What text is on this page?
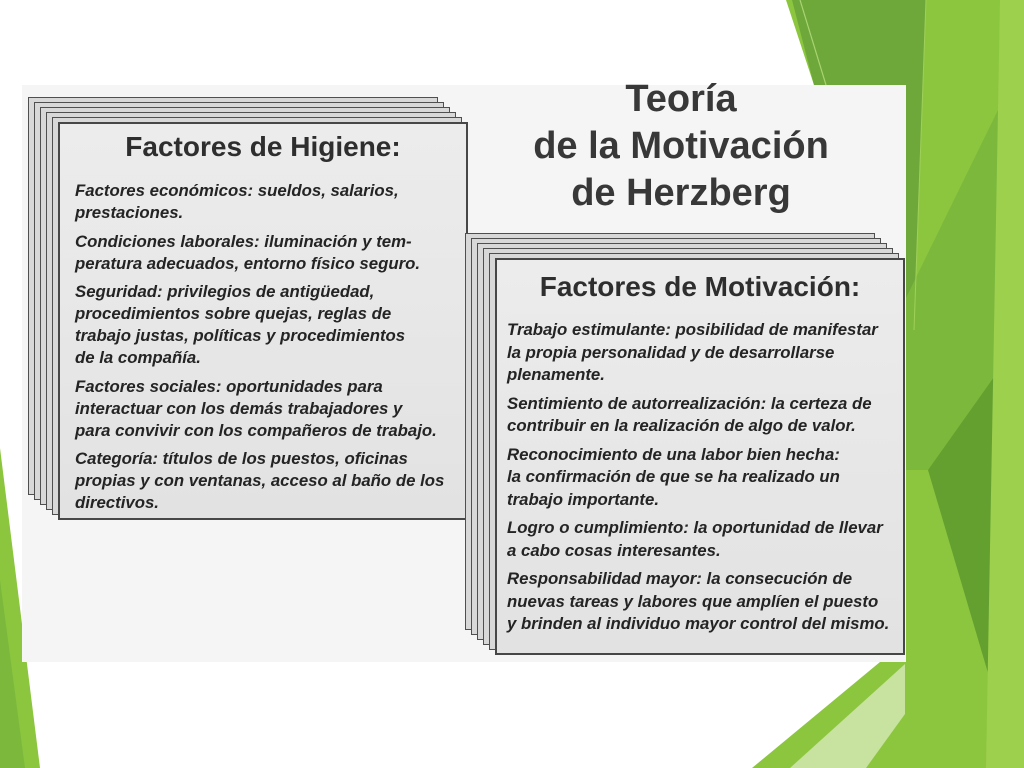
Teoría
de la Motivación
de Herzberg
Factores de Higiene:
Factores económicos: sueldos, salarios,
prestaciones.
Condiciones laborales: iluminación y tem-
peratura adecuados, entorno físico seguro.
Seguridad: privilegios de antigüedad,
procedimientos sobre quejas, reglas de
trabajo justas, políticas y procedimientos
de la compañía.
Factores sociales: oportunidades para
interactuar con los demás trabajadores y
para convivir con los compañeros de trabajo.
Categoría: títulos de los puestos, oficinas
propias y con ventanas, acceso al baño de los
directivos.
Factores de Motivación:
Trabajo estimulante: posibilidad de manifestar
la propia personalidad y de desarrollarse
plenamente.
Sentimiento de autorrealización: la certeza de
contribuir en la realización de algo de valor.
Reconocimiento de una labor bien hecha:
la confirmación de que se ha realizado un
trabajo importante.
Logro o cumplimiento: la oportunidad de llevar
a cabo cosas interesantes.
Responsabilidad mayor: la consecución de
nuevas tareas y labores que amplíen el puesto
y brinden al individuo mayor control del mismo.
